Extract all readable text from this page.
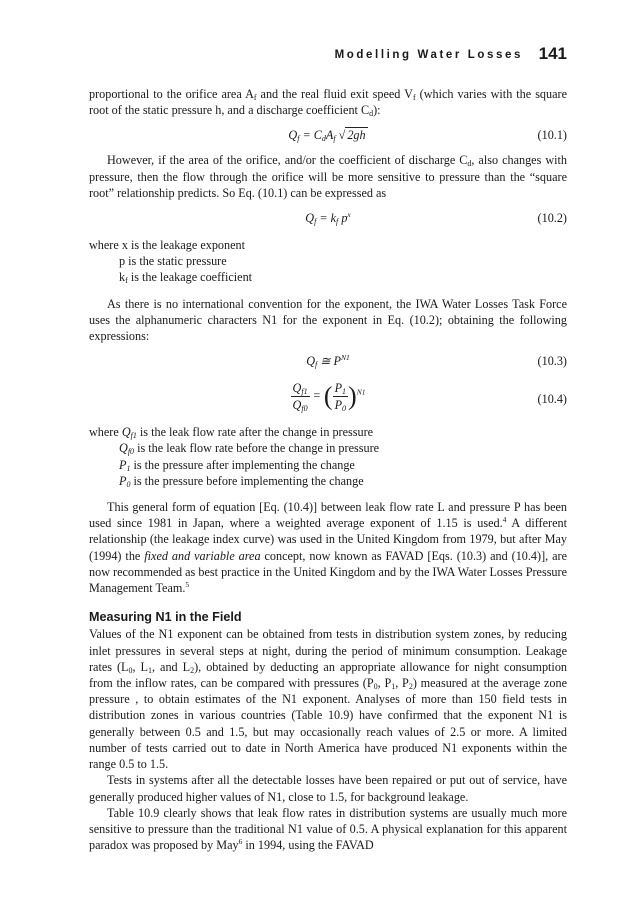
Modelling Water Losses 141

proportional to the orifice area $A_f$ and the real fluid exit speed $V_f$ (which varies with the square root of the static pressure h, and a discharge coefficient $C_d$):

$Q_f = C_dA_f$ √ 2gh	(10.1)

However, if the area of the orifice, and/or the coefficient of discharge $C_d$, also changes with pressure, then the flow through the orifice will be more sensitive to pressure than the “square root” relationship predicts. So Eq. (10.1) can be expressed as

$Q_f = k_f$ $p^x$	(10.2)
where x is the leakage exponent
p is the static pressure
$k_f$ is the leakage coefficient

As there is no international convention for the exponent, the IWA Water Losses Task Force uses the alphanumeric characters N1 for the exponent in Eq. (10.2); obtaining the following expressions:

$Q_f$ ≅ $P^{N1}$	(10.3)
$\frac{Q_{f1}}{Q_{f0}}$ = ( $\frac{P_1}{P_0} )^{N1}$	(10.4)
where $Q_{f1}$ is the leak flow rate after the change in pressure
$Q_{f0}$ is the leak flow rate before the change in pressure
$P_1$ is the pressure after implementing the change
$P_0$ is the pressure before implementing the change

This general form of equation [Eq. (10.4)] between leak flow rate L and pressure P has been used since 1981 in Japan, where a weighted average exponent of 1.15 is used.$^4$ A different relationship (the leakage index curve) was used in the United Kingdom from 1979, but after May (1994) the fixed and variable area concept, now known as FAVAD [Eqs. (10.3) and (10.4)], are now recommended as best practice in the United Kingdom and by the IWA Water Losses Pressure Management Team.$^5$

Measuring N1 in the Field

Values of the N1 exponent can be obtained from tests in distribution system zones, by reducing inlet pressures in several steps at night, during the period of minimum consumption. Leakage rates ($L_0$, $L_1$, and $L_2$), obtained by deducting an appropriate allowance for night consumption from the inflow rates, can be compared with pressures ($P_0$, $P_1$, $P_2$) measured at the average zone pressure , to obtain estimates of the N1 exponent. Analyses of more than 150 field tests in distribution zones in various countries (Table 10.9) have confirmed that the exponent N1 is generally between 0.5 and 1.5, but may occasionally reach values of 2.5 or more. A limited number of tests carried out to date in North America have produced N1 exponents within the range 0.5 to 1.5.

Tests in systems after all the detectable losses have been repaired or put out of service, have generally produced higher values of N1, close to 1.5, for background leakage.

Table 10.9 clearly shows that leak flow rates in distribution systems are usually much more sensitive to pressure than the traditional N1 value of 0.5. A physical explanation for this apparent paradox was proposed by May$^6$ in 1994, using the FAVAD
